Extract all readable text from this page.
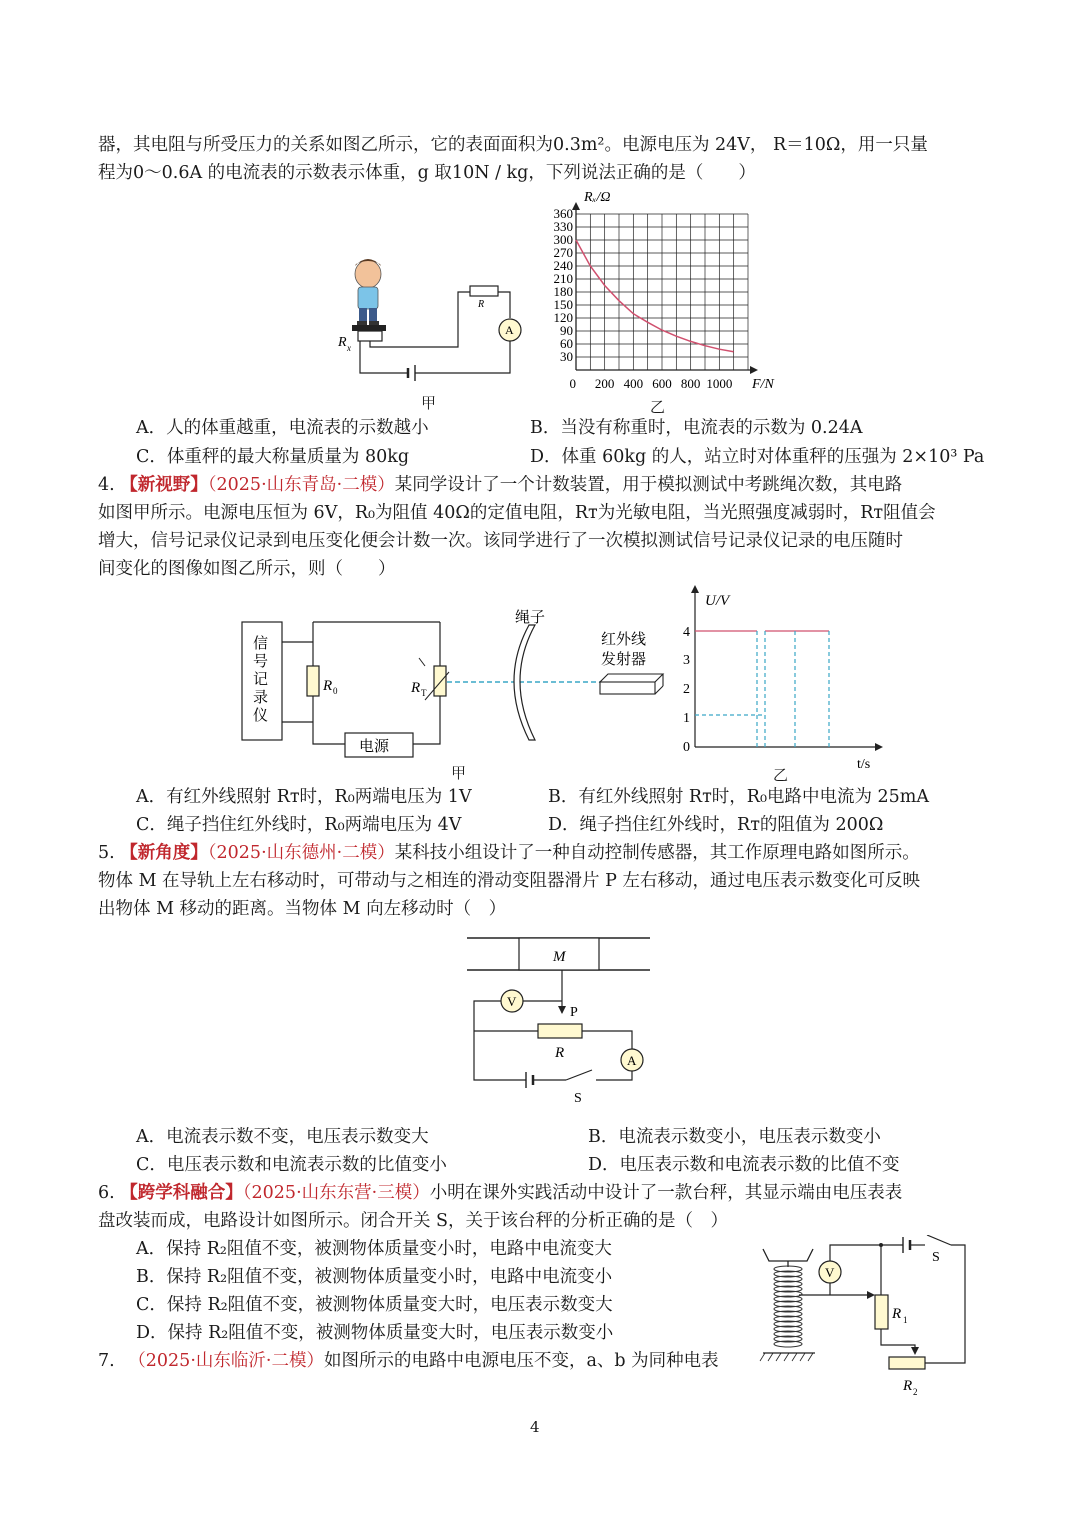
器，其电阻与所受压力的关系如图乙所示，它的表面面积为0.3m²。电源电压为 24V， R＝10Ω，用一只量
程为0～0.6A 的电流表的示数表示体重，g 取10N / kg，下列说法正确的是（　　）
R
A
R x
甲
30
60
90
120
150
180
210
240
270
300
330
360
0 200 400 600 800 1000
Rₓ/Ω
F/N
乙
A．人的体重越重，电流表的示数越小	B．当没有称重时，电流表的示数为 0.24A
C．体重秤的最大称量质量为 80kg	D．体重 60kg 的人，站立时对体重秤的压强为 2×10³ Pa
4. 【新视野】（2025·山东青岛·二模）某同学设计了一个计数装置，用于模拟测试中考跳绳次数，其电路
如图甲所示。电源电压恒为 6V，R₀为阻值 40Ω的定值电阻，Rᴛ为光敏电阻，当光照强度减弱时，Rᴛ阻值会
增大，信号记录仪记录到电压变化便会计数一次。该同学进行了一次模拟测试信号记录仪记录的电压随时
间变化的图像如图乙所示，则（　　）
信号记录仪
R 0
电源
R T
绳子
红外线
发射器
甲
0
1
2
3
4
U/V
t/s
乙
A．有红外线照射 Rᴛ时，R₀两端电压为 1V	B．有红外线照射 Rᴛ时，R₀电路中电流为 25mA
C．绳子挡住红外线时，R₀两端电压为 4V	D．绳子挡住红外线时，Rᴛ的阻值为 200Ω
5. 【新角度】（2025·山东德州·二模）某科技小组设计了一种自动控制传感器，其工作原理电路如图所示。
物体 M 在导轨上左右移动时，可带动与之相连的滑动变阻器滑片 P 左右移动，通过电压表示数变化可反映
出物体 M 移动的距离。当物体 M 向左移动时（　）
M
P
V
R	A
S
A．电流表示数不变，电压表示数变大	B．电流表示数变小，电压表示数变小
C．电压表示数和电流表示数的比值变小	D．电压表示数和电流表示数的比值不变
6. 【跨学科融合】（2025·山东东营·三模）小明在课外实践活动中设计了一款台秤，其显示端由电压表表
盘改装而成，电路设计如图所示。闭合开关 S，关于该台秤的分析正确的是（　）
A．保持 R₂阻值不变，被测物体质量变小时，电路中电流变大
B．保持 R₂阻值不变，被测物体质量变小时，电路中电流变小
C．保持 R₂阻值不变，被测物体质量变大时，电压表示数变大
D．保持 R₂阻值不变，被测物体质量变大时，电压表示数变小
V
R 1
R 2
S
7. （2025·山东临沂·二模）如图所示的电路中电源电压不变，a、b 为同种电表
4
